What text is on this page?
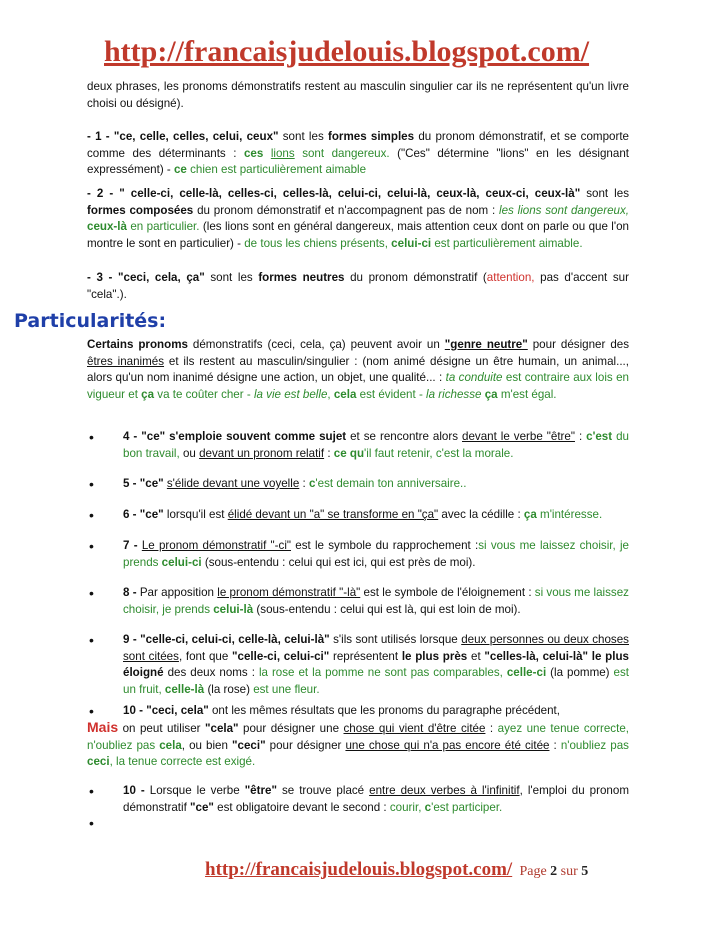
http://francaisjudelouis.blogspot.com/
deux phrases, les pronoms démonstratifs restent au masculin singulier car ils ne représentent qu'un livre choisi ou désigné).
- 1 - "ce, celle, celles, celui, ceux" sont les formes simples du pronom démonstratif, et se comporte comme des déterminants : ces lions sont dangereux. ("Ces" détermine "lions" en les désignant expressément) - ce chien est particulièrement aimable
- 2 - " celle-ci, celle-là, celles-ci, celles-là, celui-ci, celui-là, ceux-là, ceux-ci, ceux-là" sont les formes composées du pronom démonstratif et n'accompagnent pas de nom : les lions sont dangereux, ceux-là en particulier. (les lions sont en général dangereux, mais attention ceux dont on parle ou que l'on montre le sont en particulier) - de tous les chiens présents, celui-ci est particulièrement aimable.
- 3 - "ceci, cela, ça" sont les formes neutres du pronom démonstratif (attention, pas d'accent sur "cela".).
Certains pronoms démonstratifs (ceci, cela, ça) peuvent avoir un "genre neutre" pour désigner des êtres inanimés et ils restent au masculin/singulier : (nom animé désigne un être humain, un animal..., alors qu'un nom inanimé désigne une action, un objet, une qualité... : ta conduite est contraire aux lois en vigueur et ça va te coûter cher - la vie est belle, cela est évident - la richesse ça m'est égal.
Particularités:
•	4 - "ce" s'emploie souvent comme sujet et se rencontre alors devant le verbe "être" : c'est du bon travail, ou devant un pronom relatif : ce qu'il faut retenir, c'est la morale.
•	5 - "ce" s'élide devant une voyelle : c'est demain ton anniversaire..
•	6 - "ce" lorsqu'il est élidé devant un "a" se transforme en "ça" avec la cédille : ça m'intéresse.
•	7 - Le pronom démonstratif "-ci" est le symbole du rapprochement :si vous me laissez choisir, je prends celui-ci (sous-entendu : celui qui est ici, qui est près de moi).
•	8 - Par apposition le pronom démonstratif "-là" est le symbole de l'éloignement : si vous me laissez choisir, je prends celui-là (sous-entendu : celui qui est là, qui est loin de moi).
•	9 - "celle-ci, celui-ci, celle-là, celui-là" s'ils sont utilisés lorsque deux personnes ou deux choses sont citées, font que "celle-ci, celui-ci" représentent le plus près et "celles-là, celui-là" le plus éloigné des deux noms : la rose et la pomme ne sont pas comparables, celle-ci (la pomme) est un fruit, celle-là (la rose) est une fleur.
•	10 - "ceci, cela" ont les mêmes résultats que les pronoms du paragraphe précédent,
Mais on peut utiliser "cela" pour désigner une chose qui vient d'être citée : ayez une tenue correcte, n'oubliez pas cela, ou bien "ceci" pour désigner une chose qui n'a pas encore été citée : n'oubliez pas ceci, la tenue correcte est exigé.
•	10 - Lorsque le verbe "être" se trouve placé entre deux verbes à l'infinitif, l'emploi du pronom démonstratif "ce" est obligatoire devant le second : courir, c'est participer.
•
http://francaisjudelouis.blogspot.com/ Page 2 sur 5
